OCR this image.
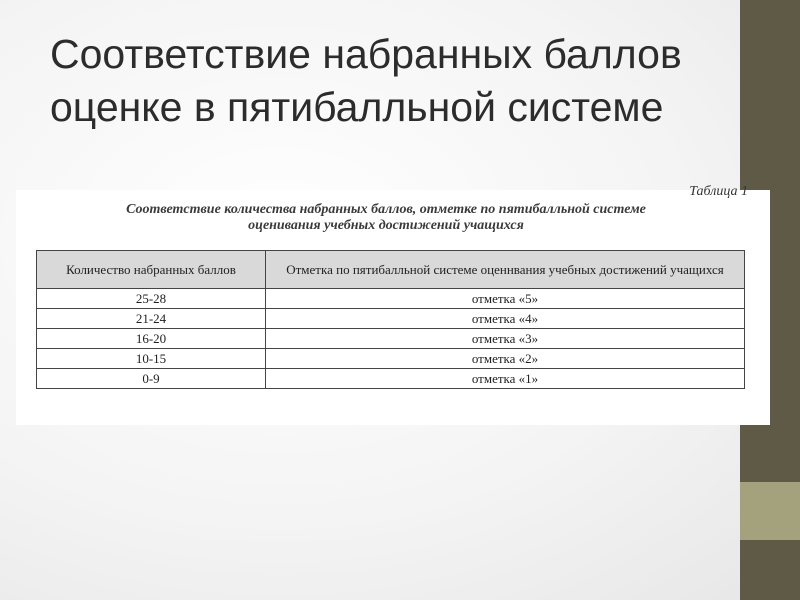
Соответствие набранных баллов
оценке в пятибалльной системе
Таблица 1

Соответствие количества набранных баллов, отметке по пятибалльной системе
оценивания учебных достижений учащихся

Количество набранных баллов	Отметка по пятибалльной системе оценнвания учебных достижений учащихся
25-28	отметка «5»
21-24	отметка «4»
16-20	отметка «3»
10-15	отметка «2»
0-9	отметка «1»
